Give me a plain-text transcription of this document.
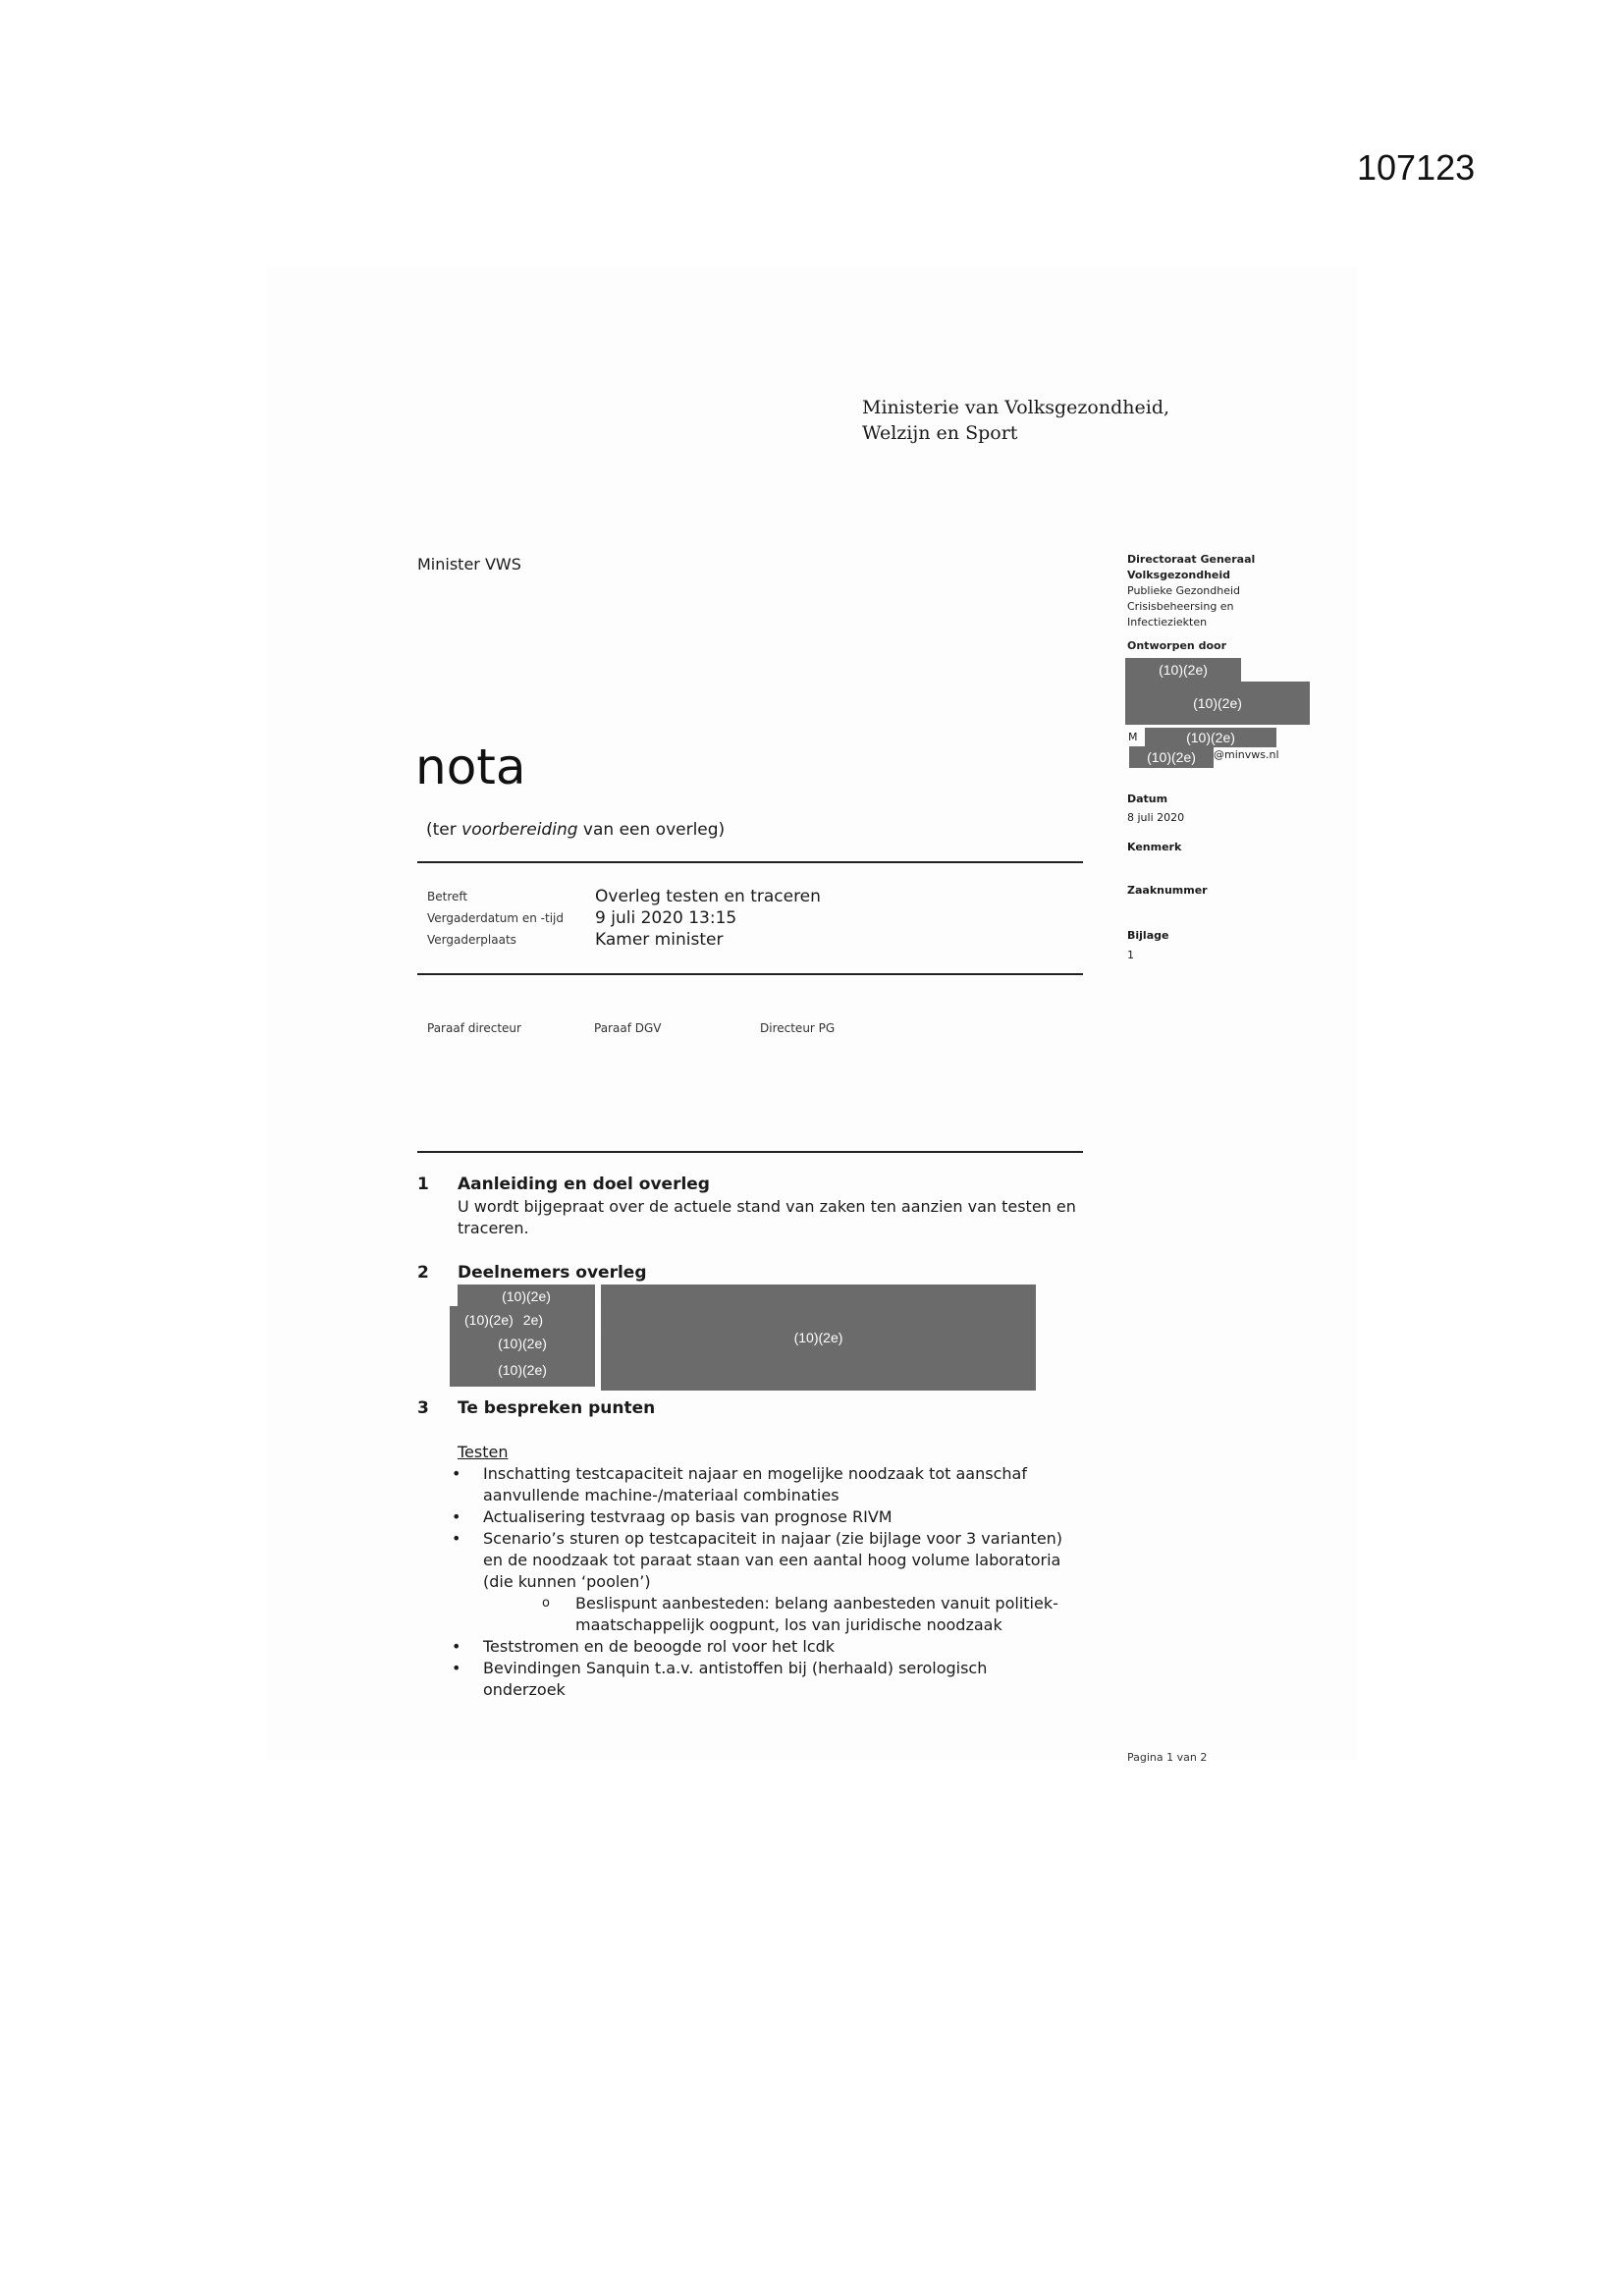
107123
Ministerie van Volksgezondheid,
Welzijn en Sport
Minister VWS
nota
(ter voorbereiding van een overleg)
Betreft	Overleg testen en traceren
Vergaderdatum en -tijd 9 juli 2020 13:15
Vergaderplaats	Kamer minister
Paraaf directeur	Paraaf DGV	Directeur PG
1 Aanleiding en doel overleg
U wordt bijgepraat over de actuele stand van zaken ten aanzien van testen en
traceren.
2 Deelnemers overleg
(10)(2e)
(10)(2e) 2e)
(10)(2e)
(10)(2e)
(10)(2e)
3 Te bespreken punten
Testen
• Inschatting testcapaciteit najaar en mogelijke noodzaak tot aanschaf
aanvullende machine-/materiaal combinaties
• Actualisering testvraag op basis van prognose RIVM
• Scenario’s sturen op testcapaciteit in najaar (zie bijlage voor 3 varianten)
en de noodzaak tot paraat staan van een aantal hoog volume laboratoria
(die kunnen ‘poolen’)
o Beslispunt aanbesteden: belang aanbesteden vanuit politiek-
maatschappelijk oogpunt, los van juridische noodzaak
• Teststromen en de beoogde rol voor het lcdk
• Bevindingen Sanquin t.a.v. antistoffen bij (herhaald) serologisch
onderzoek
Directoraat Generaal
Volksgezondheid
Publieke Gezondheid
Crisisbeheersing en
Infectieziekten
Ontworpen door
(10)(2e)
(10)(2e)
M	(10)(2e)
(10)(2e) @minvws.nl
Datum
8 juli 2020
Kenmerk
Zaaknummer
Bijlage
1
Pagina 1 van 2
